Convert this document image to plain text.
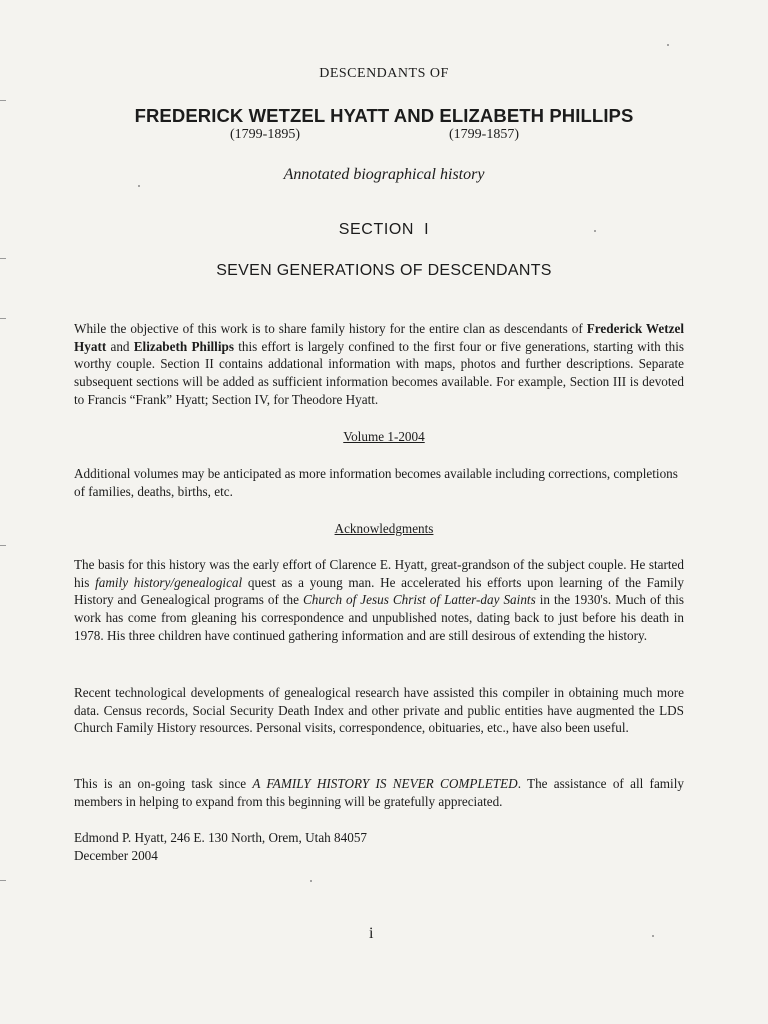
DESCENDANTS OF
FREDERICK WETZEL HYATT AND ELIZABETH PHILLIPS
(1799-1895)	(1799-1857)
Annotated biographical history
SECTION  I
SEVEN GENERATIONS OF DESCENDANTS

While the objective of this work is to share family history for the entire clan as descendants of Frederick Wetzel Hyatt and Elizabeth Phillips this effort is largely confined to the first four or five generations, starting with this worthy couple. Section II contains addational information with maps, photos and further descriptions. Separate subsequent sections will be added as sufficient information becomes available. For example, Section III is devoted to Francis “Frank” Hyatt; Section IV, for Theodore Hyatt.

Volume 1-2004

Additional volumes may be anticipated as more information becomes available including corrections, completions of families, deaths, births, etc.

Acknowledgments

The basis for this history was the early effort of Clarence E. Hyatt, great-grandson of the subject couple. He started his family history/genealogical quest as a young man. He accelerated his efforts upon learning of the Family History and Genealogical programs of the Church of Jesus Christ of Latter-day Saints in the 1930's. Much of this work has come from gleaning his correspondence and unpublished notes, dating back to just before his death in 1978. His three children have continued gathering information and are still desirous of extending the history.

Recent technological developments of genealogical research have assisted this compiler in obtaining much more data. Census records, Social Security Death Index and other private and public entities have augmented the LDS Church Family History resources. Personal visits, correspondence, obituaries, etc., have also been useful.

This is an on-going task since A FAMILY HISTORY IS NEVER COMPLETED. The assistance of all family members in helping to expand from this beginning will be gratefully appreciated.

Edmond P. Hyatt, 246 E. 130 North, Orem, Utah 84057
December 2004
i
